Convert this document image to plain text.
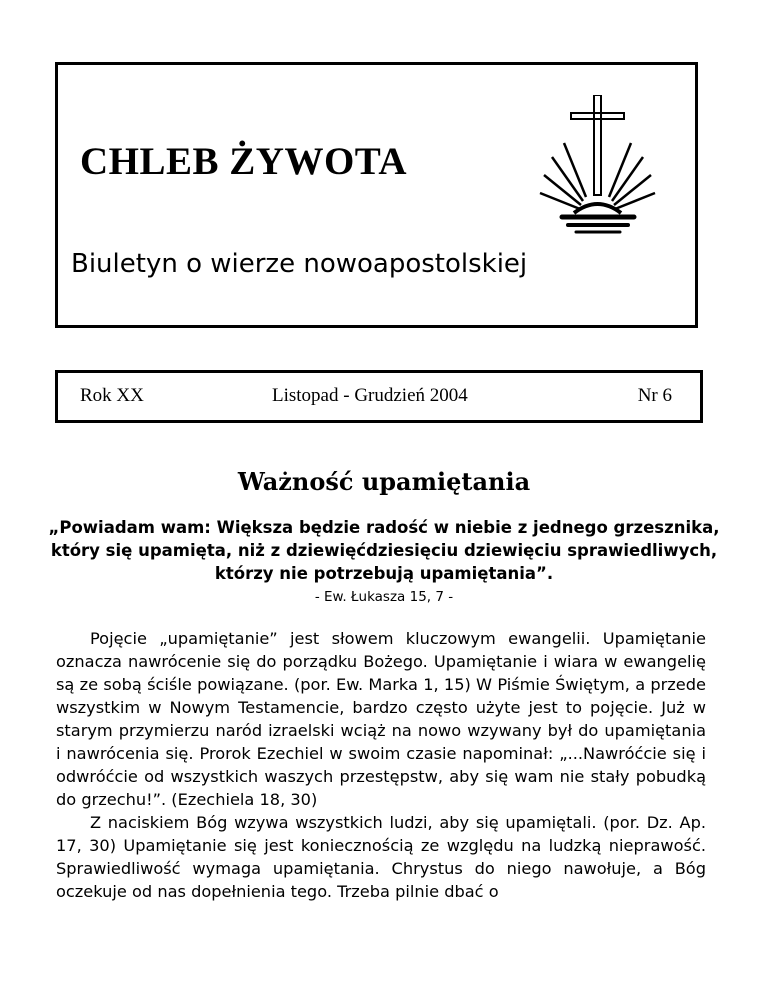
CHLEB ŻYWOTA
Biuletyn o wierze nowoapostolskiej
Rok XX	Listopad - Grudzień 2004	Nr 6
Ważność upamiętania

„Powiadam wam: Większa będzie radość w niebie z jednego grzesznika, który się upamięta, niż z dziewięćdziesięciu dziewięciu sprawiedliwych, którzy nie potrzebują upamiętania”.

- Ew. Łukasza 15, 7 -

Pojęcie „upamiętanie” jest słowem kluczowym ewangelii. Upamiętanie oznacza nawrócenie się do porządku Bożego. Upamiętanie i wiara w ewangelię są ze sobą ściśle powiązane. (por. Ew. Marka 1, 15) W Piśmie Świętym, a przede wszystkim w Nowym Testamencie, bardzo często użyte jest to pojęcie. Już w starym przymierzu naród izraelski wciąż na nowo wzywany był do upamiętania i nawrócenia się. Prorok Ezechiel w swoim czasie napominał: „...Nawróćcie się i odwróćcie od wszystkich waszych przestępstw, aby się wam nie stały pobudką do grzechu!”. (Ezechiela 18, 30)

Z naciskiem Bóg wzywa wszystkich ludzi, aby się upamiętali. (por. Dz. Ap. 17, 30) Upamiętanie się jest koniecznością ze względu na ludzką nieprawość. Sprawiedliwość wymaga upamiętania. Chrystus do niego nawołuje, a Bóg oczekuje od nas dopełnienia tego. Trzeba pilnie dbać o
